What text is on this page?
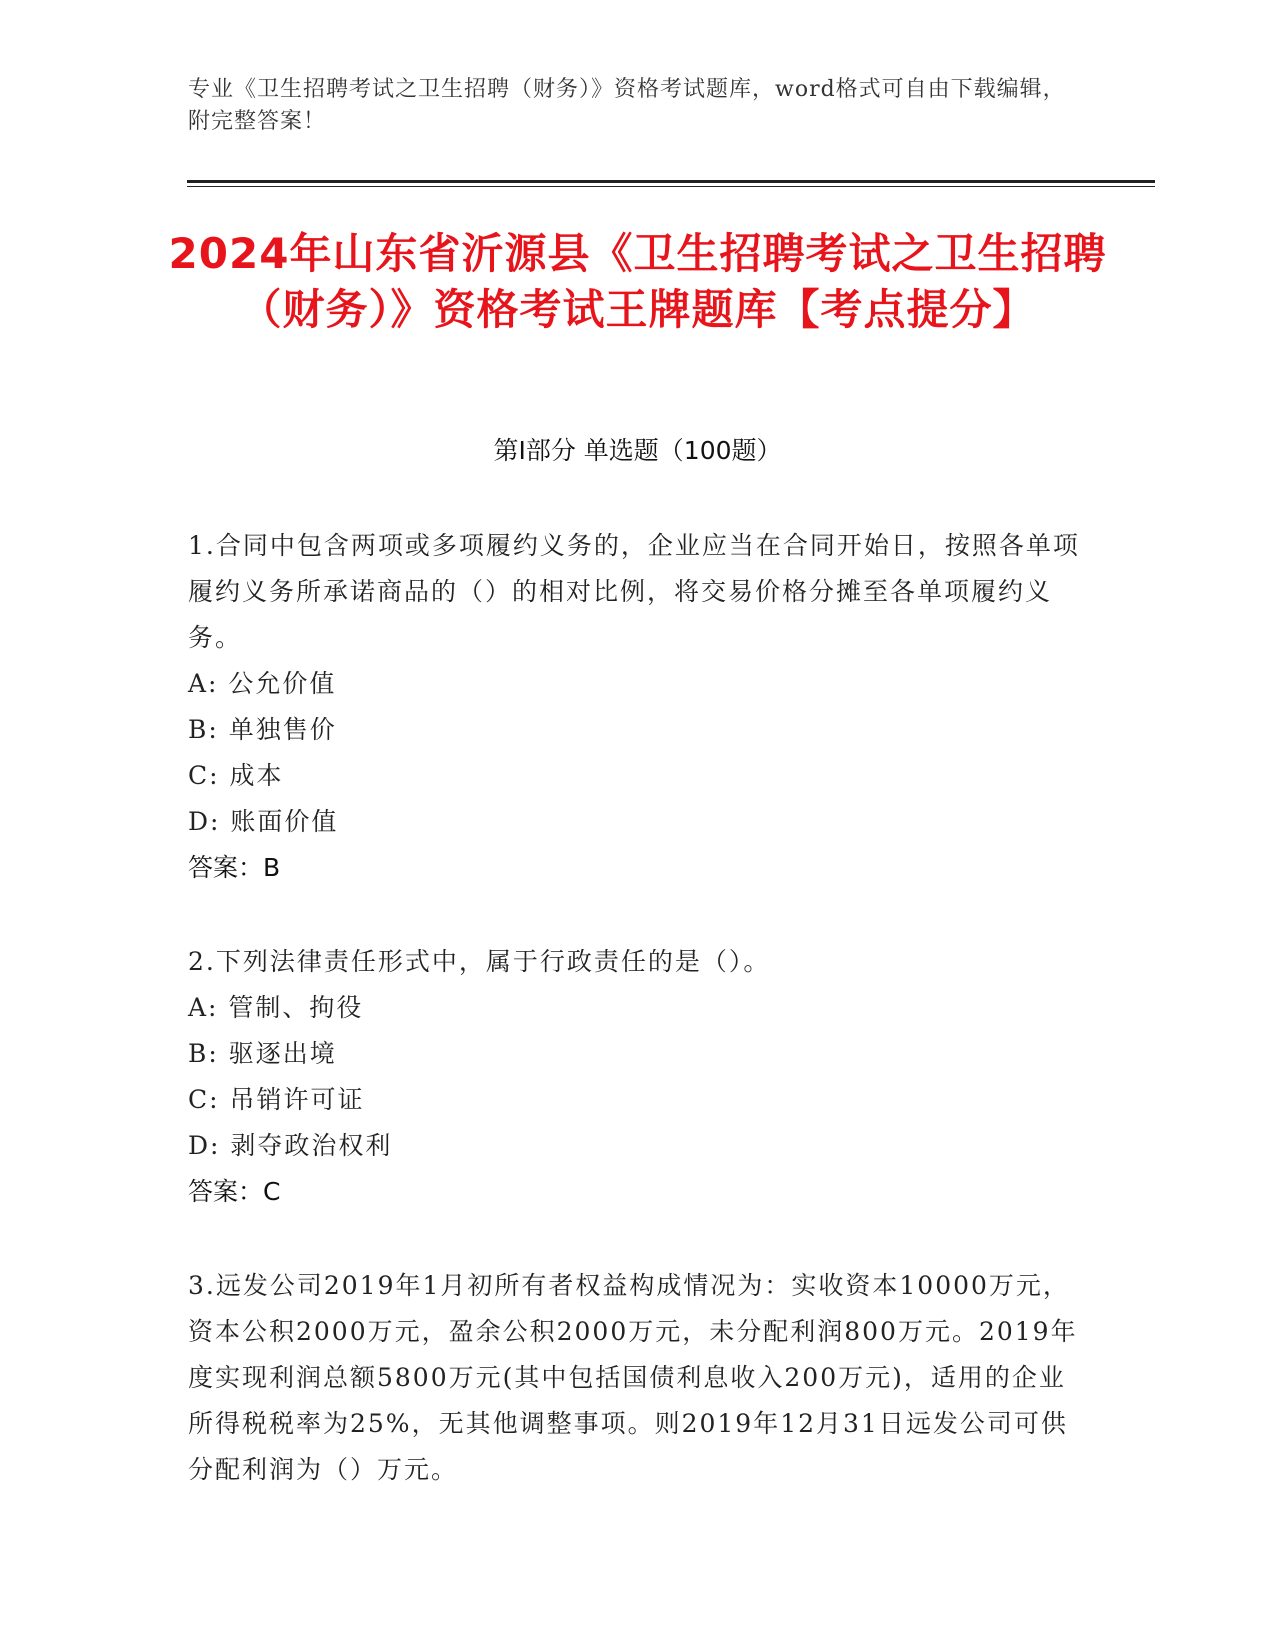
专业《卫生招聘考试之卫生招聘（财务）》资格考试题库，word格式可自由下载编辑，附完整答案！
2024年山东省沂源县《卫生招聘考试之卫生招聘（财务）》资格考试王牌题库【考点提分】
第I部分 单选题（100题）

1.合同中包含两项或多项履约义务的，企业应当在合同开始日，按照各单项履约义务所承诺商品的（）的相对比例，将交易价格分摊至各单项履约义务。

A: 公允价值

B: 单独售价

C: 成本

D: 账面价值

答案：B

2.下列法律责任形式中，属于行政责任的是（）。

A: 管制、拘役

B: 驱逐出境

C: 吊销许可证

D: 剥夺政治权利

答案：C

3.远发公司2019年1月初所有者权益构成情况为：实收资本10000万元，资本公积2000万元，盈余公积2000万元，未分配利润800万元。2019年度实现利润总额5800万元(其中包括国债利息收入200万元)，适用的企业所得税税率为25%，无其他调整事项。则2019年12月31日远发公司可供分配利润为（）万元。
